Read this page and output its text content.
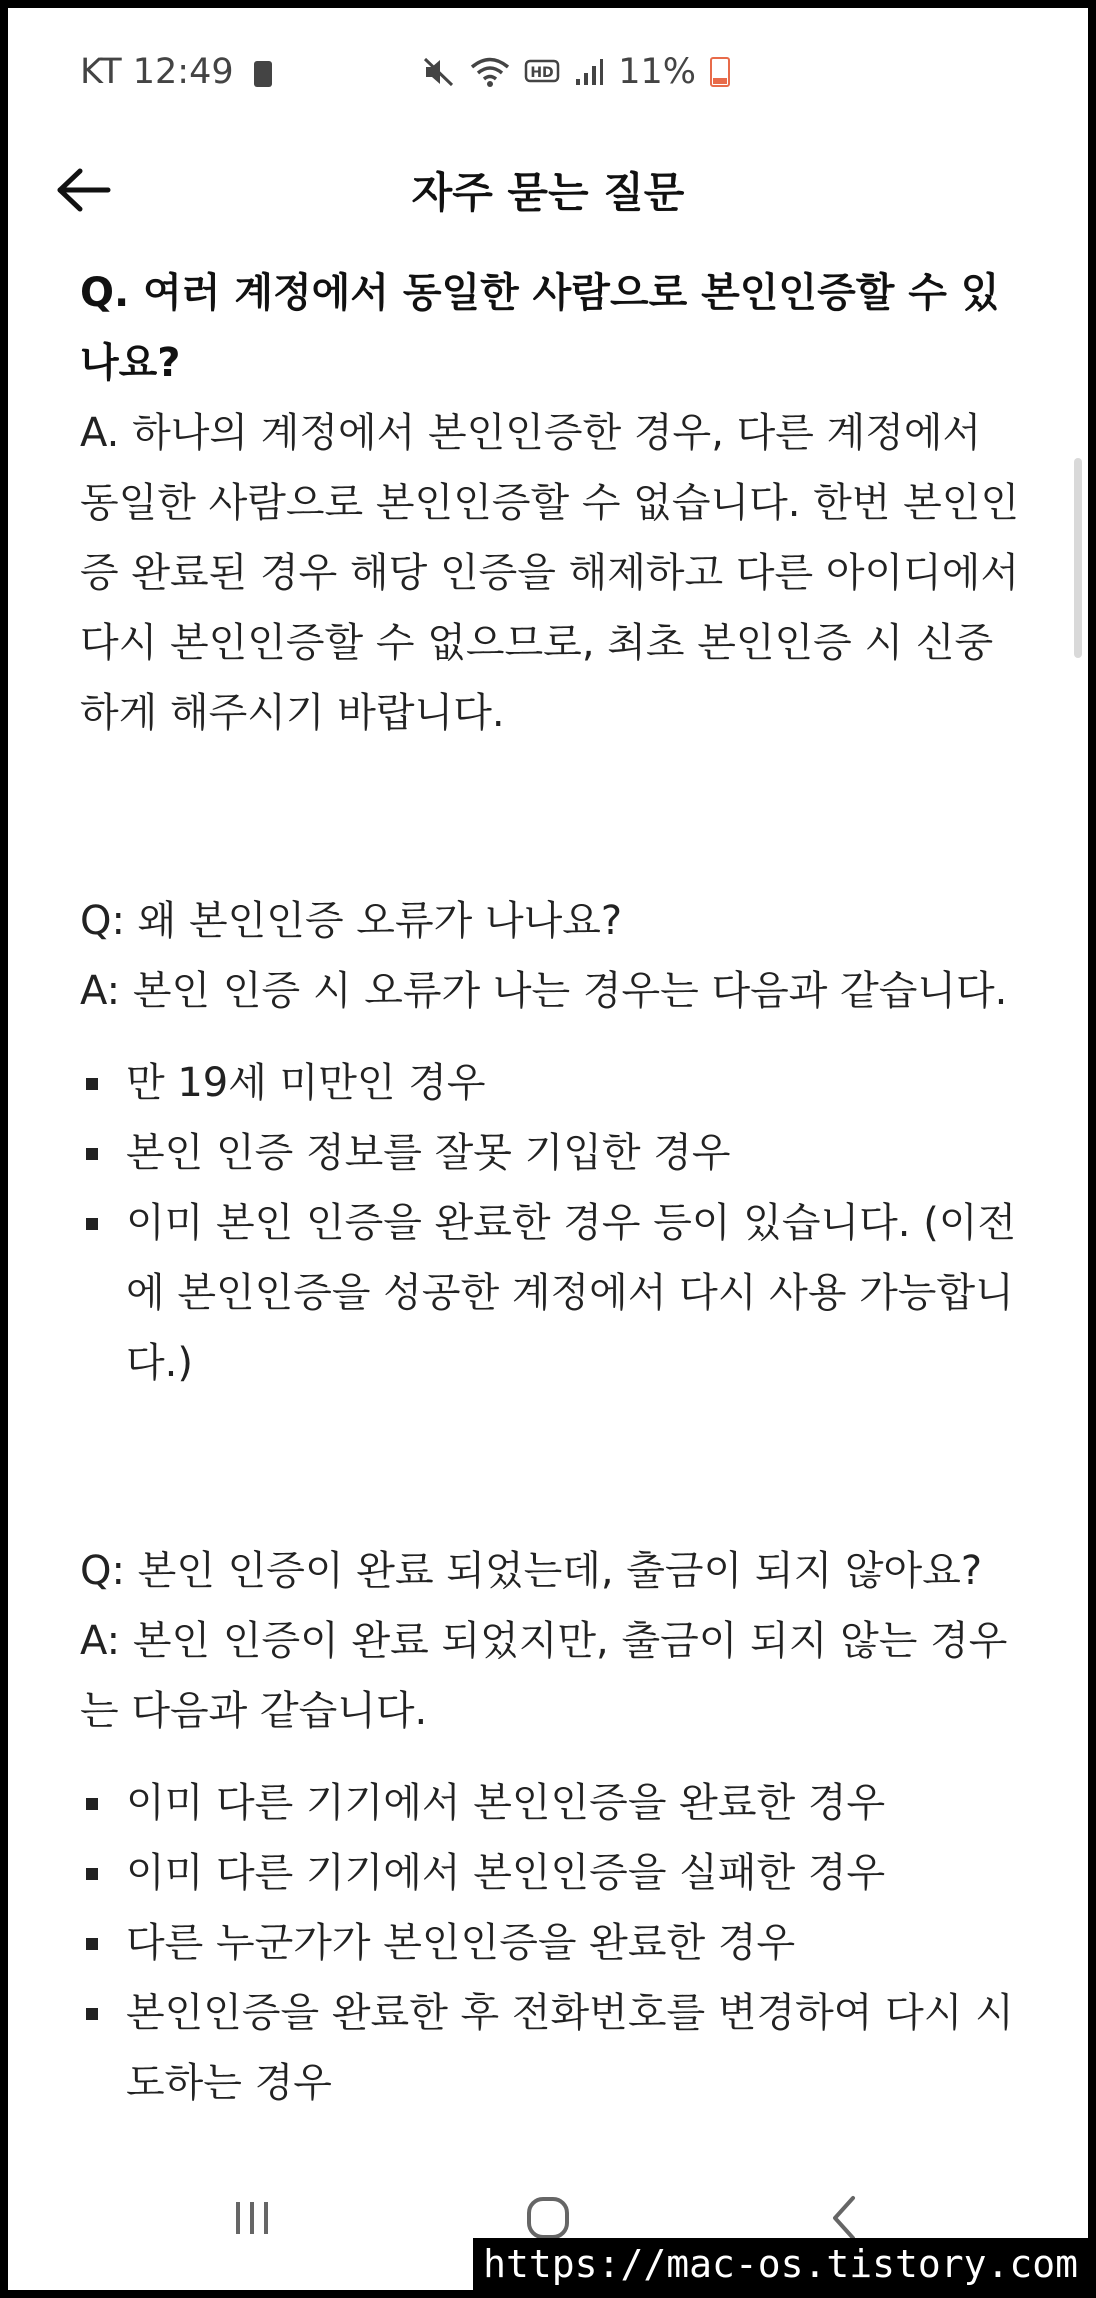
KT 12:49	HD 11%
자주 묻는 질문

Q. 여러 계정에서 동일한 사람으로 본인인증할 수 있나요?

A. 하나의 계정에서 본인인증한 경우, 다른 계정에서 동일한 사람으로 본인인증할 수 없습니다. 한번 본인인증 완료된 경우 해당 인증을 해제하고 다른 아이디에서 다시 본인인증할 수 없으므로, 최초 본인인증 시 신중하게 해주시기 바랍니다.

Q: 왜 본인인증 오류가 나나요?

A: 본인 인증 시 오류가 나는 경우는 다음과 같습니다.

만 19세 미만인 경우
본인 인증 정보를 잘못 기입한 경우
이미 본인 인증을 완료한 경우 등이 있습니다. (이전에 본인인증을 성공한 계정에서 다시 사용 가능합니다.)

Q: 본인 인증이 완료 되었는데, 출금이 되지 않아요?

A: 본인 인증이 완료 되었지만, 출금이 되지 않는 경우는 다음과 같습니다.

이미 다른 기기에서 본인인증을 완료한 경우
이미 다른 기기에서 본인인증을 실패한 경우
다른 누군가가 본인인증을 완료한 경우
본인인증을 완료한 후 전화번호를 변경하여 다시 시도하는 경우
https://mac-os.tistory.com
